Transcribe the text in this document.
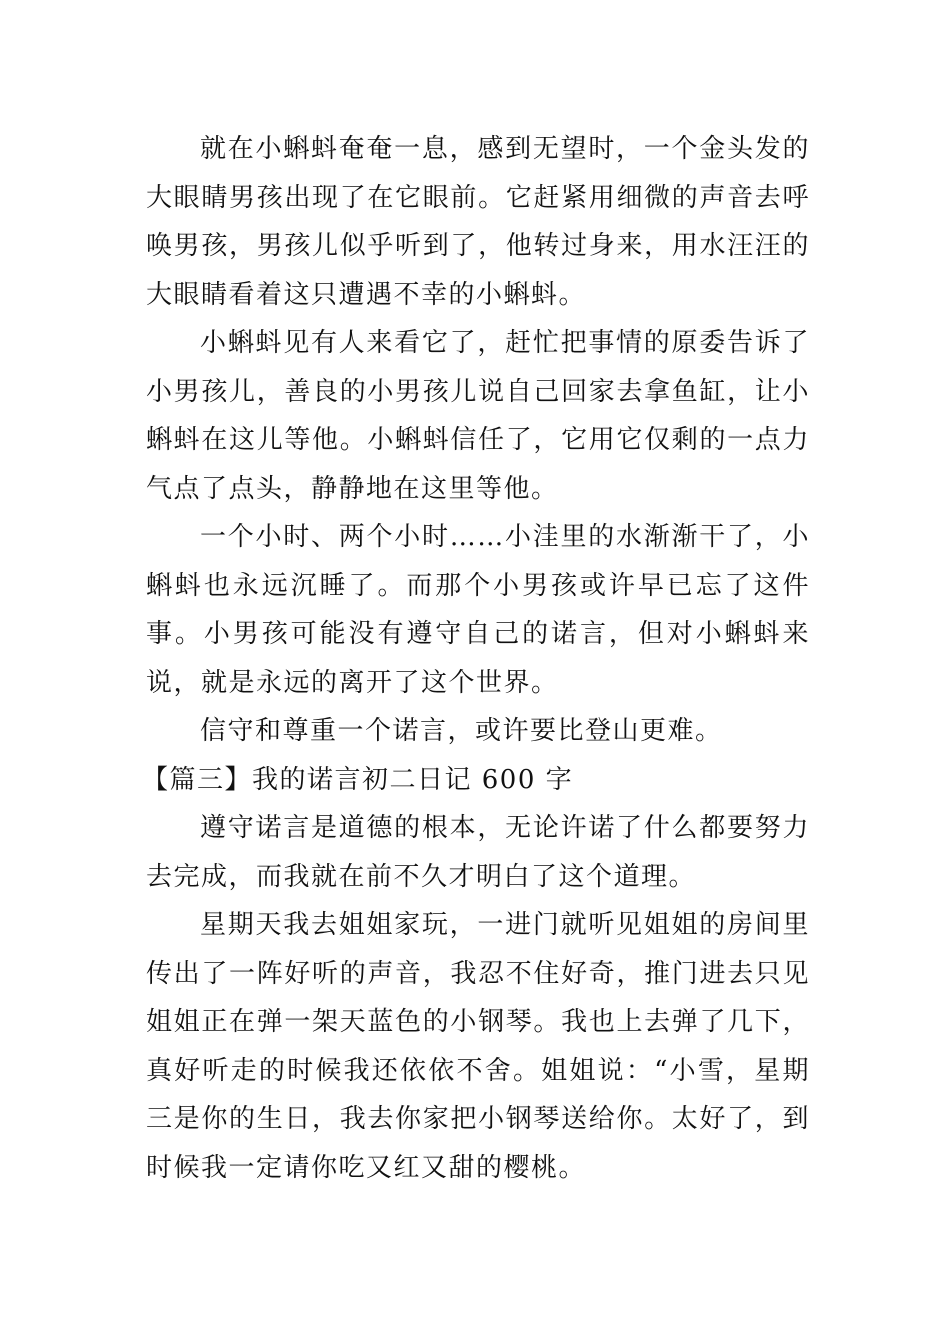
就在小蝌蚪奄奄一息，感到无望时，一个金头发的大眼睛男孩出现了在它眼前。它赶紧用细微的声音去呼唤男孩，男孩儿似乎听到了，他转过身来，用水汪汪的大眼睛看着这只遭遇不幸的小蝌蚪。

小蝌蚪见有人来看它了，赶忙把事情的原委告诉了小男孩儿，善良的小男孩儿说自己回家去拿鱼缸，让小蝌蚪在这儿等他。小蝌蚪信任了，它用它仅剩的一点力气点了点头，静静地在这里等他。

一个小时、两个小时……小洼里的水渐渐干了，小蝌蚪也永远沉睡了。而那个小男孩或许早已忘了这件事。小男孩可能没有遵守自己的诺言，但对小蝌蚪来说，就是永远的离开了这个世界。

信守和尊重一个诺言，或许要比登山更难。

【篇三】我的诺言初二日记 600 字

遵守诺言是道德的根本，无论许诺了什么都要努力去完成，而我就在前不久才明白了这个道理。

星期天我去姐姐家玩，一进门就听见姐姐的房间里传出了一阵好听的声音，我忍不住好奇，推门进去只见姐姐正在弹一架天蓝色的小钢琴。我也上去弹了几下，真好听走的时候我还依依不舍。姐姐说：“小雪，星期三是你的生日，我去你家把小钢琴送给你。太好了，到时候我一定请你吃又红又甜的樱桃。
